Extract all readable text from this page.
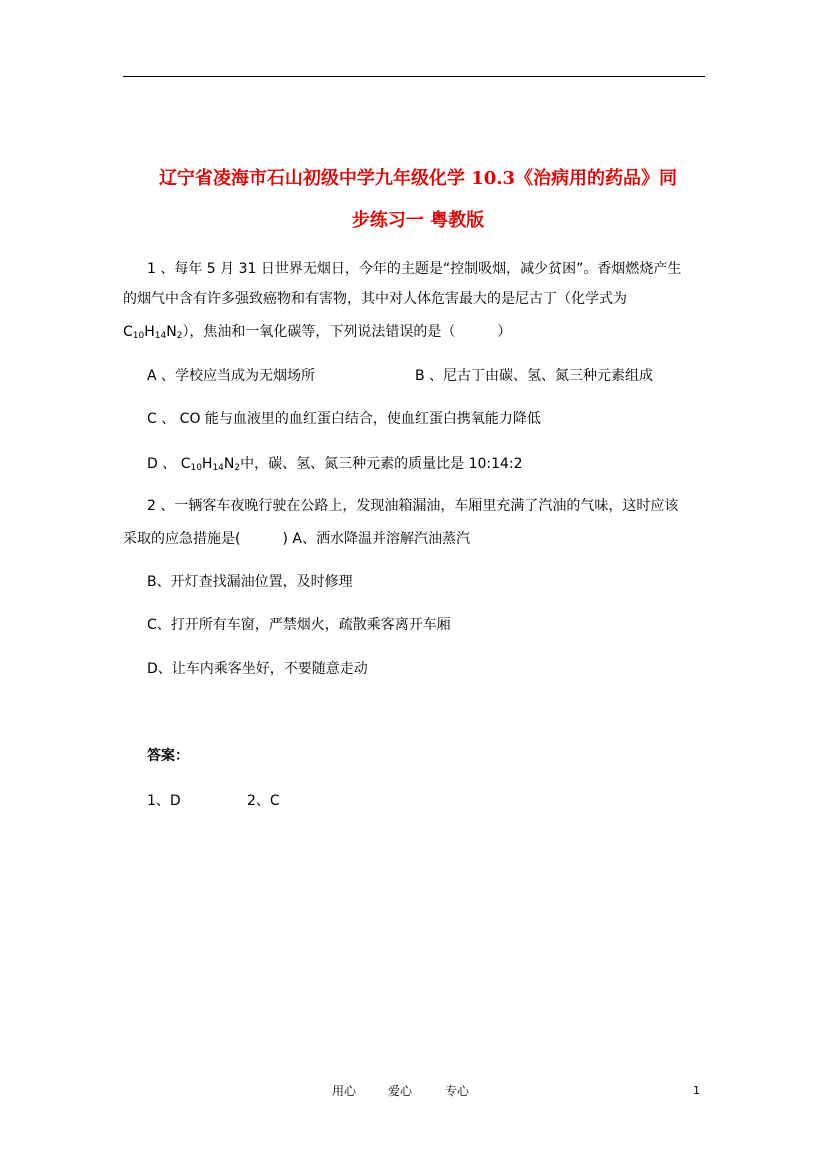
辽宁省凌海市石山初级中学九年级化学 10.3《治病用的药品》同
步练习一 粤教版
1 、每年 5 月 31 日世界无烟日，今年的主题是“控制吸烟，减少贫困”。香烟燃烧产生
的烟气中含有许多强致癌物和有害物，其中对人体危害最大的是尼古丁（化学式为
$C_{10}H_{14}N_2$），焦油和一氧化碳等，下列说法错误的是（　　　）
A 、学校应当成为无烟场所	B 、尼古丁由碳、氢、氮三种元素组成
C 、 CO 能与血液里的血红蛋白结合，使血红蛋白携氧能力降低
D 、 $C_{10}H_{14}N_2$中，碳、氢、氮三种元素的质量比是 10:14:2
2 、一辆客车夜晚行驶在公路上，发现油箱漏油，车厢里充满了汽油的气味，这时应该
采取的应急措施是(　　　) A、洒水降温并溶解汽油蒸汽
B、开灯查找漏油位置，及时修理
C、打开所有车窗，严禁烟火，疏散乘客离开车厢
D、让车内乘客坐好，不要随意走动
答案：
1、D	2、C
用心	爱心	专心	1
